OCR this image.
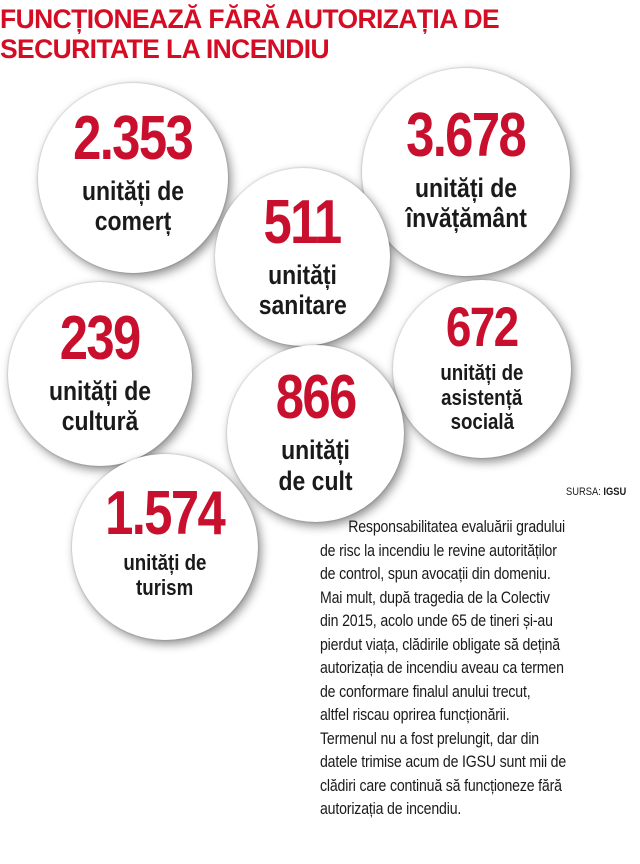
FUNCȚIONEAZĂ FĂRĂ AUTORIZAȚIA DE
SECURITATE LA INCENDIU
2.353
unități de
comerț
3.678
unități de
învățământ
511
unități
sanitare
239
unități de
cultură
672
unități de
asistență
socială
866
unități
de cult
1.574
unități de
turism
SURSA: IGSU
Responsabilitatea evaluării gradului
de risc la incendiu le revine autorităților
de control, spun avocații din domeniu.
Mai mult, după tragedia de la Colectiv
din 2015, acolo unde 65 de tineri și-au
pierdut viața, clădirile obligate să dețină
autorizația de incendiu aveau ca termen
de conformare finalul anului trecut,
altfel riscau oprirea funcționării.
Termenul nu a fost prelungit, dar din
datele trimise acum de IGSU sunt mii de
clădiri care continuă să funcționeze fără
autorizația de incendiu.
